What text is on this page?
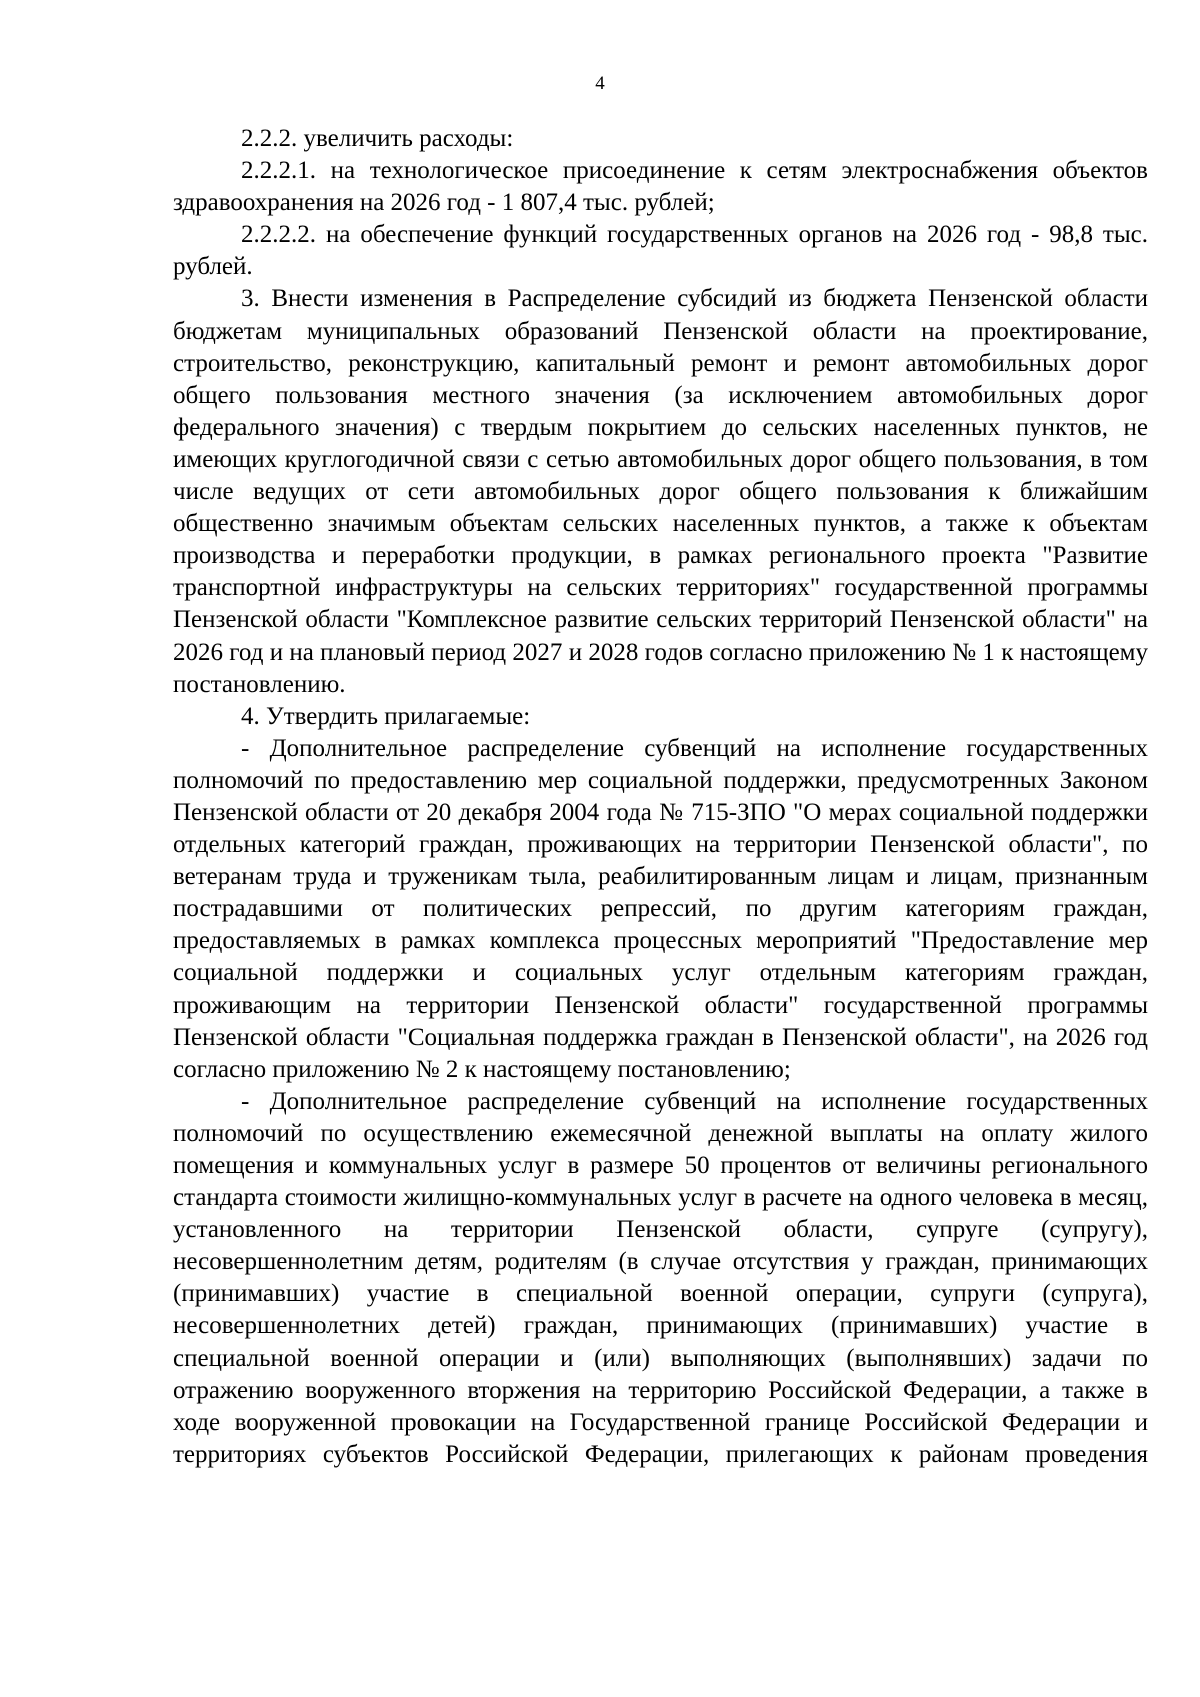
4

2.2.2. увеличить расходы:

2.2.2.1. на технологическое присоединение к сетям электроснабжения объектов здравоохранения на 2026 год - 1 807,4 тыс. рублей;

2.2.2.2. на обеспечение функций государственных органов на 2026 год - 98,8 тыс. рублей.

3. Внести изменения в Распределение субсидий из бюджета Пензенской области бюджетам муниципальных образований Пензенской области на проектирование, строительство, реконструкцию, капитальный ремонт и ремонт автомобильных дорог общего пользования местного значения (за исключением автомобильных дорог федерального значения) с твердым покрытием до сельских населенных пунктов, не имеющих круглогодичной связи с сетью автомобильных дорог общего пользования, в том числе ведущих от сети автомобильных дорог общего пользования к ближайшим общественно значимым объектам сельских населенных пунктов, а также к объектам производства и переработки продукции, в рамках регионального проекта "Развитие транспортной инфраструктуры на сельских территориях" государственной программы Пензенской области "Комплексное развитие сельских территорий Пензенской области" на 2026 год и на плановый период 2027 и 2028 годов согласно приложению № 1 к настоящему постановлению.

4. Утвердить прилагаемые:

- Дополнительное распределение субвенций на исполнение государственных полномочий по предоставлению мер социальной поддержки, предусмотренных Законом Пензенской области от 20 декабря 2004 года № 715-ЗПО "О мерах социальной поддержки отдельных категорий граждан, проживающих на территории Пензенской области", по ветеранам труда и труженикам тыла, реабилитированным лицам и лицам, признанным пострадавшими от политических репрессий, по другим категориям граждан, предоставляемых в рамках комплекса процессных мероприятий "Предоставление мер социальной поддержки и социальных услуг отдельным категориям граждан, проживающим на территории Пензенской области" государственной программы Пензенской области "Социальная поддержка граждан в Пензенской области", на 2026 год согласно приложению № 2 к настоящему постановлению;

- Дополнительное распределение субвенций на исполнение государственных полномочий по осуществлению ежемесячной денежной выплаты на оплату жилого помещения и коммунальных услуг в размере 50 процентов от величины регионального стандарта стоимости жилищно-коммунальных услуг в расчете на одного человека в месяц, установленного на территории Пензенской области, супруге (супругу), несовершеннолетним детям, родителям (в случае отсутствия у граждан, принимающих (принимавших) участие в специальной военной операции, супруги (супруга), несовершеннолетних детей) граждан, принимающих (принимавших) участие в специальной военной операции и (или) выполняющих (выполнявших) задачи по отражению вооруженного вторжения на территорию Российской Федерации, а также в ходе вооруженной провокации на Государственной границе Российской Федерации и территориях субъектов Российской Федерации, прилегающих к районам проведения
